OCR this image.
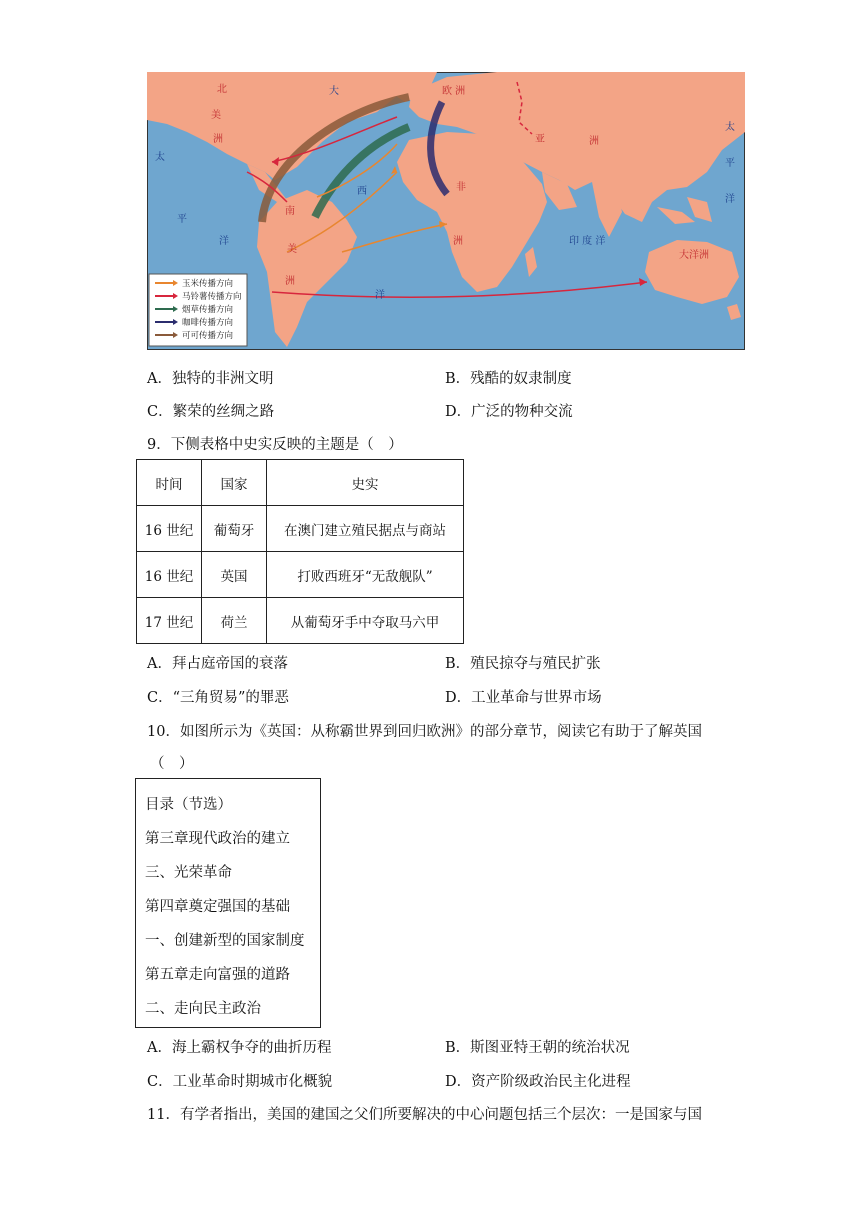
北
美
洲
南
美
洲
非
洲
欧 洲
亚	洲
大洋洲
大
西
洋
太
平
洋
太
平
洋
印 度 洋
玉米传播方向
马铃薯传播方向
烟草传播方向
咖啡传播方向
可可传播方向
A．独特的非洲文明	B．残酷的奴隶制度
C．繁荣的丝绸之路	D．广泛的物种交流
9．下侧表格中史实反映的主题是（　）
时间	国家	史实
16 世纪	葡萄牙	在澳门建立殖民据点与商站
16 世纪	英国	打败西班牙“无敌舰队”
17 世纪	荷兰	从葡萄牙手中夺取马六甲
A．拜占庭帝国的衰落	B．殖民掠夺与殖民扩张
C．“三角贸易”的罪恶	D．工业革命与世界市场
10．如图所示为《英国：从称霸世界到回归欧洲》的部分章节，阅读它有助于了解英国
（　）
目录（节选）
第三章现代政治的建立
三、光荣革命
第四章奠定强国的基础
一、创建新型的国家制度
第五章走向富强的道路
二、走向民主政治
A．海上霸权争夺的曲折历程	B．斯图亚特王朝的统治状况
C．工业革命时期城市化概貌	D．资产阶级政治民主化进程
11．有学者指出，美国的建国之父们所要解决的中心问题包括三个层次：一是国家与国
